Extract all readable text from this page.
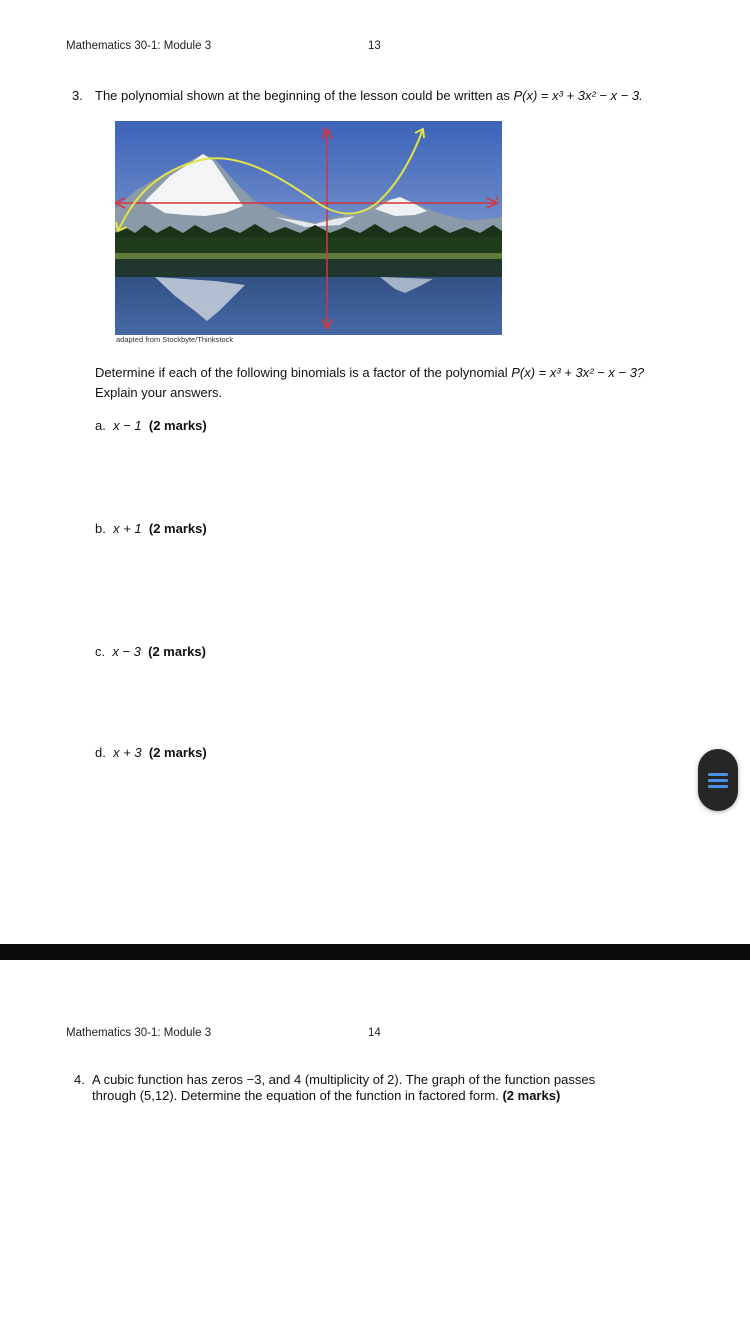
Mathematics 30-1: Module 3	13
3. The polynomial shown at the beginning of the lesson could be written as P(x) = x³ + 3x² − x − 3.
y
x
adapted from Stockbyte/Thinkstock
Determine if each of the following binomials is a factor of the polynomial P(x) = x³ + 3x² − x − 3?
Explain your answers.
a. x − 1 (2 marks)
b. x + 1 (2 marks)
c. x − 3 (2 marks)
d. x + 3 (2 marks)
Mathematics 30-1: Module 3	14
4. A cubic function has zeros −3, and 4 (multiplicity of 2). The graph of the function passes
through (5,12). Determine the equation of the function in factored form. (2 marks)
